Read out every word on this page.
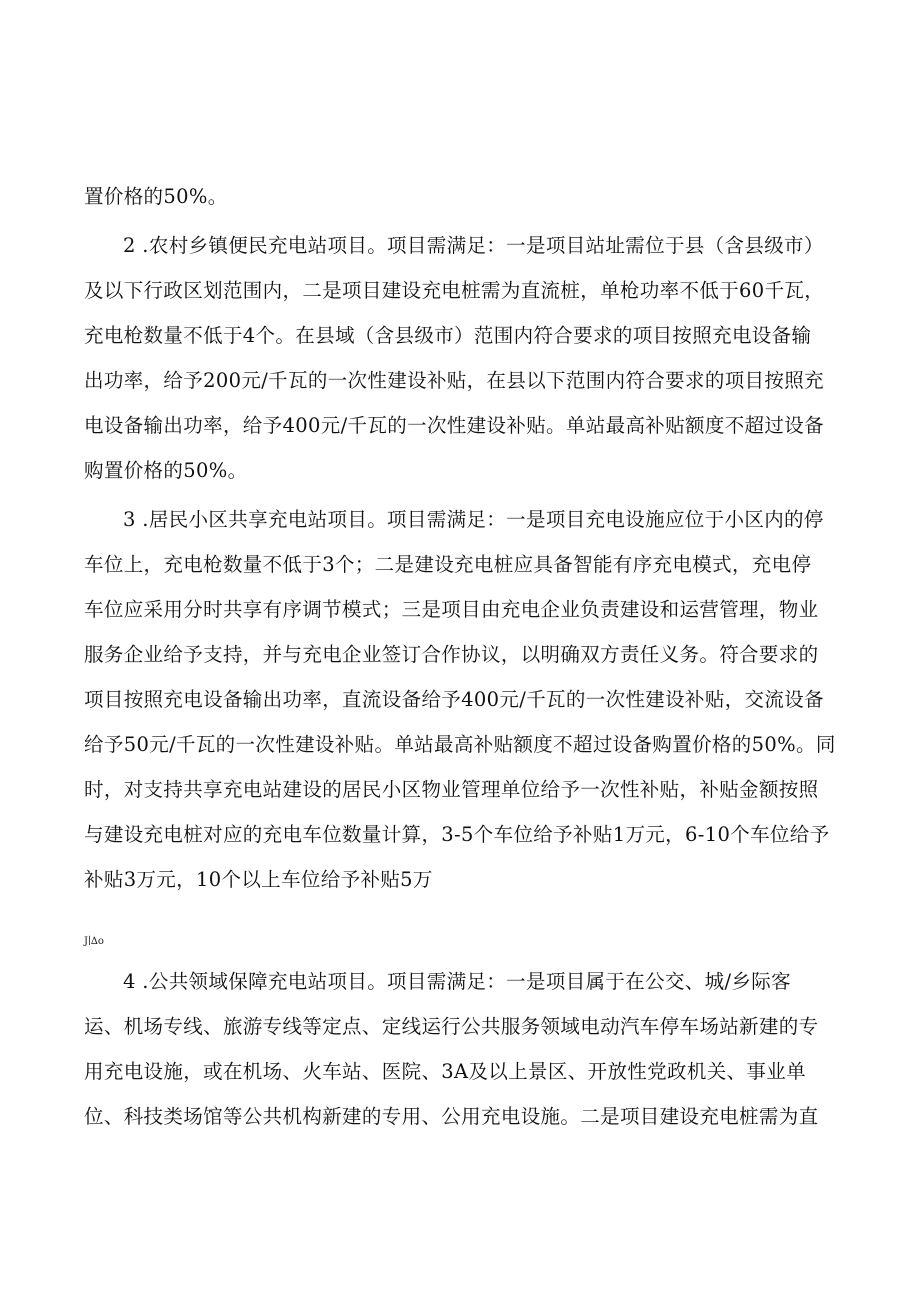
置价格的50%。
2 .农村乡镇便民充电站项目。项目需满足：一是项目站址需位于县（含县级市）
及以下行政区划范围内，二是项目建设充电桩需为直流桩，单枪功率不低于60千瓦，
充电枪数量不低于4个。在县域（含县级市）范围内符合要求的项目按照充电设备输
出功率，给予200元/千瓦的一次性建设补贴，在县以下范围内符合要求的项目按照充
电设备输出功率，给予400元/千瓦的一次性建设补贴。单站最高补贴额度不超过设备
购置价格的50%。
3 .居民小区共享充电站项目。项目需满足：一是项目充电设施应位于小区内的停
车位上，充电枪数量不低于3个；二是建设充电桩应具备智能有序充电模式，充电停
车位应采用分时共享有序调节模式；三是项目由充电企业负责建设和运营管理，物业
服务企业给予支持，并与充电企业签订合作协议，以明确双方责任义务。符合要求的
项目按照充电设备输出功率，直流设备给予400元/千瓦的一次性建设补贴，交流设备
给予50元/千瓦的一次性建设补贴。单站最高补贴额度不超过设备购置价格的50%。同
时，对支持共享充电站建设的居民小区物业管理单位给予一次性补贴，补贴金额按照
与建设充电桩对应的充电车位数量计算，3-5个车位给予补贴1万元，6-10个车位给予
补贴3万元，10个以上车位给予补贴5万
J∣∆o
4 .公共领域保障充电站项目。项目需满足：一是项目属于在公交、城/乡际客
运、机场专线、旅游专线等定点、定线运行公共服务领域电动汽车停车场站新建的专
用充电设施，或在机场、火车站、医院、3A及以上景区、开放性党政机关、事业单
位、科技类场馆等公共机构新建的专用、公用充电设施。二是项目建设充电桩需为直
